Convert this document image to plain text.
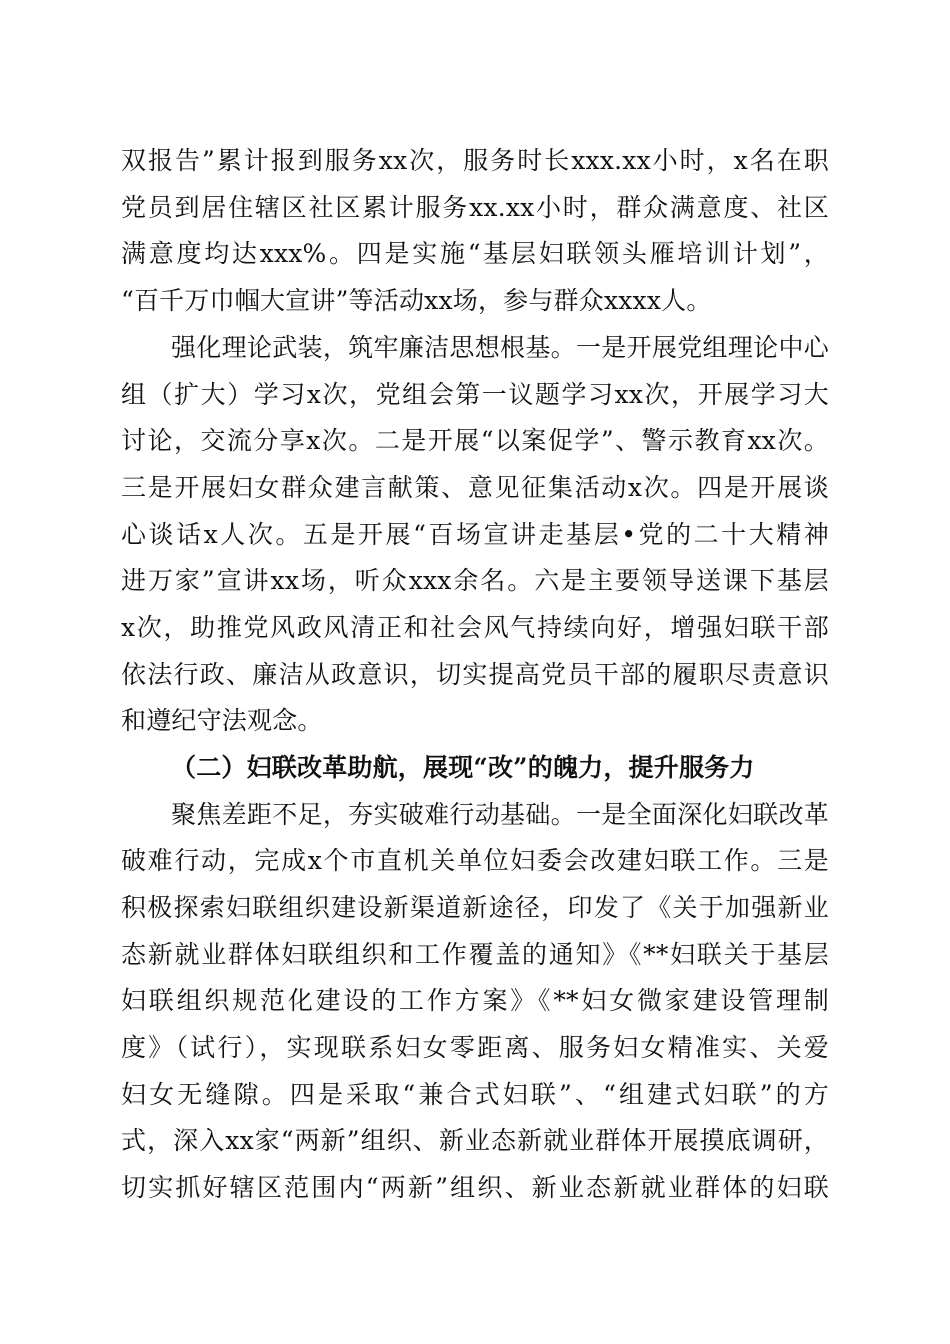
双报告”累计报到服务xx次，服务时长xxx.xx小时，x名在职
党员到居住辖区社区累计服务xx.xx小时，群众满意度、社区
满意度均达xxx%。四是实施“基层妇联领头雁培训计划”，
“百千万巾帼大宣讲”等活动xx场，参与群众xxxx人。
强化理论武装，筑牢廉洁思想根基。一是开展党组理论中心
组（扩大）学习x次，党组会第一议题学习xx次，开展学习大
讨论，交流分享x次。二是开展“以案促学”、警示教育xx次。
三是开展妇女群众建言献策、意见征集活动x次。四是开展谈
心谈话x人次。五是开展“百场宣讲走基层•党的二十大精神
进万家”宣讲xx场，听众xxx余名。六是主要领导送课下基层
x次，助推党风政风清正和社会风气持续向好，增强妇联干部
依法行政、廉洁从政意识，切实提高党员干部的履职尽责意识
和遵纪守法观念。
（二）妇联改革助航，展现“改”的魄力，提升服务力
聚焦差距不足，夯实破难行动基础。一是全面深化妇联改革
破难行动，完成x个市直机关单位妇委会改建妇联工作。三是
积极探索妇联组织建设新渠道新途径，印发了《关于加强新业
态新就业群体妇联组织和工作覆盖的通知》《**妇联关于基层
妇联组织规范化建设的工作方案》《**妇女微家建设管理制
度》（试行），实现联系妇女零距离、服务妇女精准实、关爱
妇女无缝隙。四是采取“兼合式妇联”、“组建式妇联”的方
式，深入xx家“两新”组织、新业态新就业群体开展摸底调研，
切实抓好辖区范围内“两新”组织、新业态新就业群体的妇联
